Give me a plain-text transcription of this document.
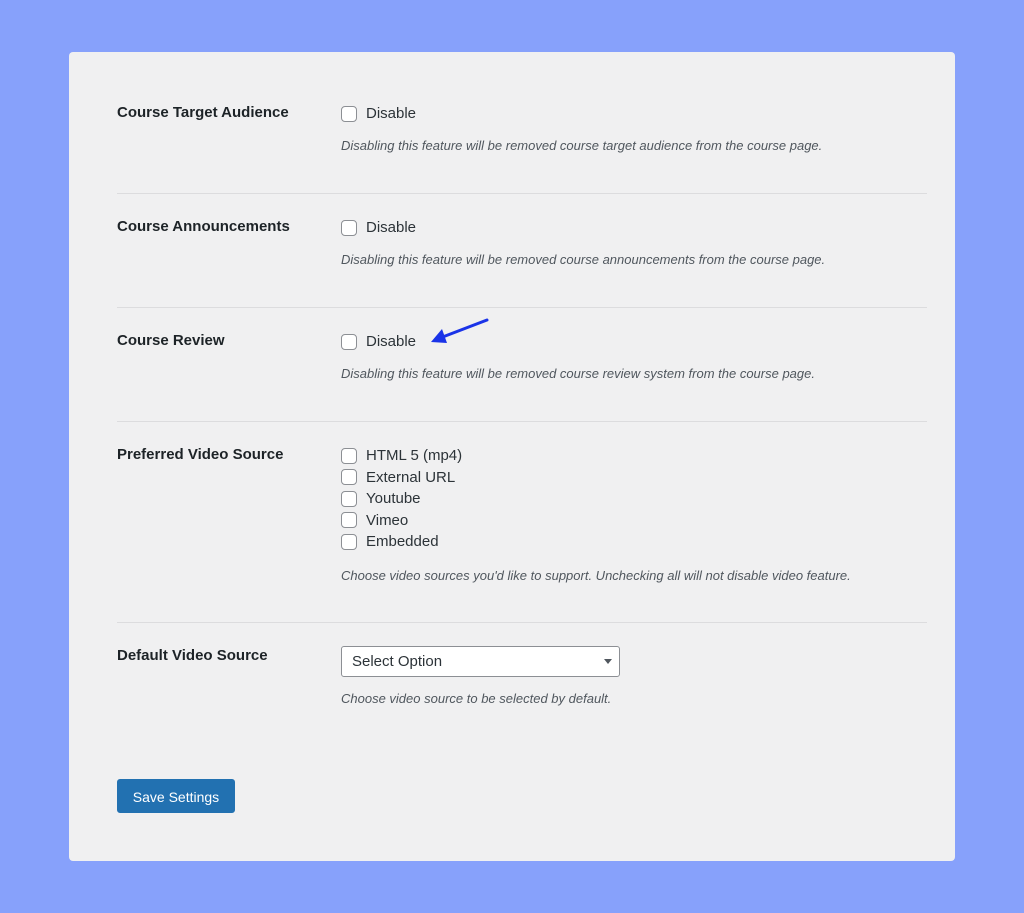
Course Target Audience	Disable
Disabling this feature will be removed course target audience from the course page.
Course Announcements	Disable
Disabling this feature will be removed course announcements from the course page.
Course Review	Disable
Disabling this feature will be removed course review system from the course page.
Preferred Video Source	HTML 5 (mp4)
External URL
Youtube
Vimeo
Embedded
Choose video sources you'd like to support. Unchecking all will not disable video feature.
Default Video Source	Select Option
Choose video source to be selected by default.
Save Settings
